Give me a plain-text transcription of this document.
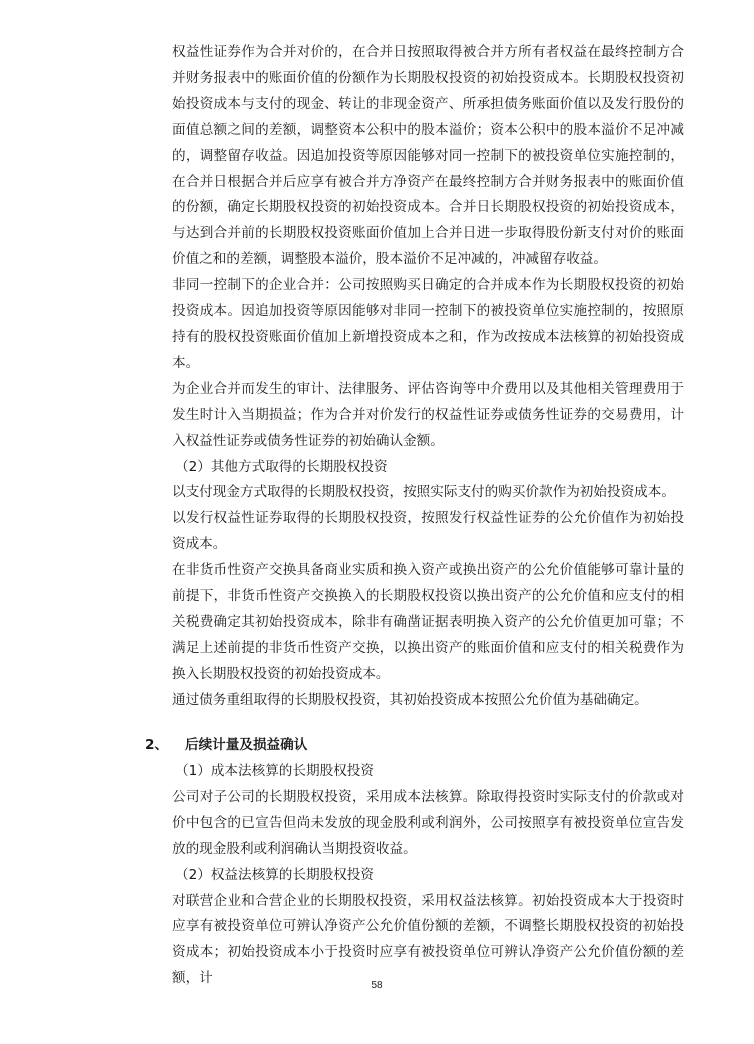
权益性证券作为合并对价的，在合并日按照取得被合并方所有者权益在最终控制方合并财务报表中的账面价值的份额作为长期股权投资的初始投资成本。长期股权投资初始投资成本与支付的现金、转让的非现金资产、所承担债务账面价值以及发行股份的面值总额之间的差额，调整资本公积中的股本溢价；资本公积中的股本溢价不足冲减的，调整留存收益。因追加投资等原因能够对同一控制下的被投资单位实施控制的，在合并日根据合并后应享有被合并方净资产在最终控制方合并财务报表中的账面价值的份额，确定长期股权投资的初始投资成本。合并日长期股权投资的初始投资成本，与达到合并前的长期股权投资账面价值加上合并日进一步取得股份新支付对价的账面价值之和的差额，调整股本溢价，股本溢价不足冲减的，冲减留存收益。

非同一控制下的企业合并：公司按照购买日确定的合并成本作为长期股权投资的初始投资成本。因追加投资等原因能够对非同一控制下的被投资单位实施控制的，按照原持有的股权投资账面价值加上新增投资成本之和，作为改按成本法核算的初始投资成本。

为企业合并而发生的审计、法律服务、评估咨询等中介费用以及其他相关管理费用于发生时计入当期损益；作为合并对价发行的权益性证券或债务性证券的交易费用，计入权益性证券或债务性证券的初始确认金额。

（2）其他方式取得的长期股权投资

以支付现金方式取得的长期股权投资，按照实际支付的购买价款作为初始投资成本。

以发行权益性证券取得的长期股权投资，按照发行权益性证券的公允价值作为初始投资成本。

在非货币性资产交换具备商业实质和换入资产或换出资产的公允价值能够可靠计量的前提下，非货币性资产交换换入的长期股权投资以换出资产的公允价值和应支付的相关税费确定其初始投资成本，除非有确凿证据表明换入资产的公允价值更加可靠；不满足上述前提的非货币性资产交换，以换出资产的账面价值和应支付的相关税费作为换入长期股权投资的初始投资成本。

通过债务重组取得的长期股权投资，其初始投资成本按照公允价值为基础确定。

2、 后续计量及损益确认

（1）成本法核算的长期股权投资

公司对子公司的长期股权投资，采用成本法核算。除取得投资时实际支付的价款或对价中包含的已宣告但尚未发放的现金股利或利润外，公司按照享有被投资单位宣告发放的现金股利或利润确认当期投资收益。

（2）权益法核算的长期股权投资

对联营企业和合营企业的长期股权投资，采用权益法核算。初始投资成本大于投资时应享有被投资单位可辨认净资产公允价值份额的差额，不调整长期股权投资的初始投资成本；初始投资成本小于投资时应享有被投资单位可辨认净资产公允价值份额的差额，计	58
